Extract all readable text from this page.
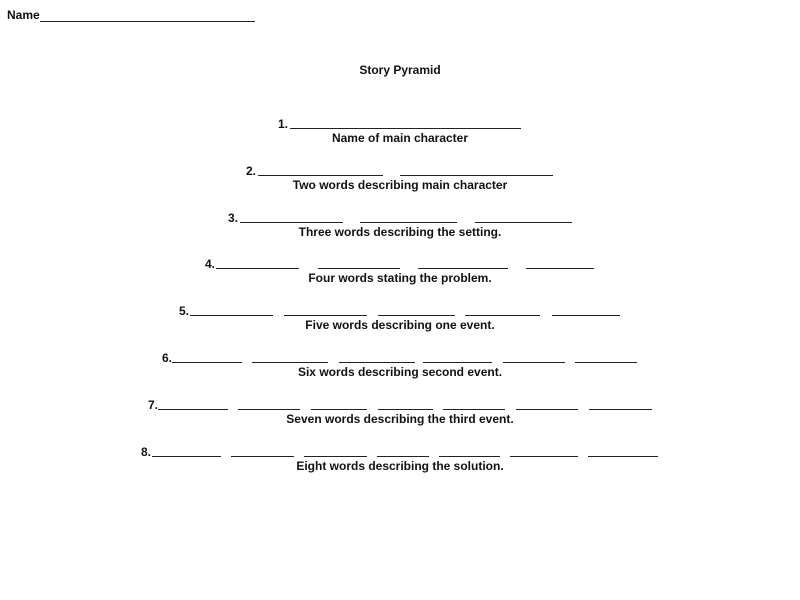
Name
Story Pyramid
1.
Name of main character
2.
Two words describing main character
3.
Three words describing the setting.
4.
Four words stating the problem.
5.
Five words describing one event.
6.
Six words describing second event.
7.
Seven words describing the third event.
8.
Eight words describing the solution.
